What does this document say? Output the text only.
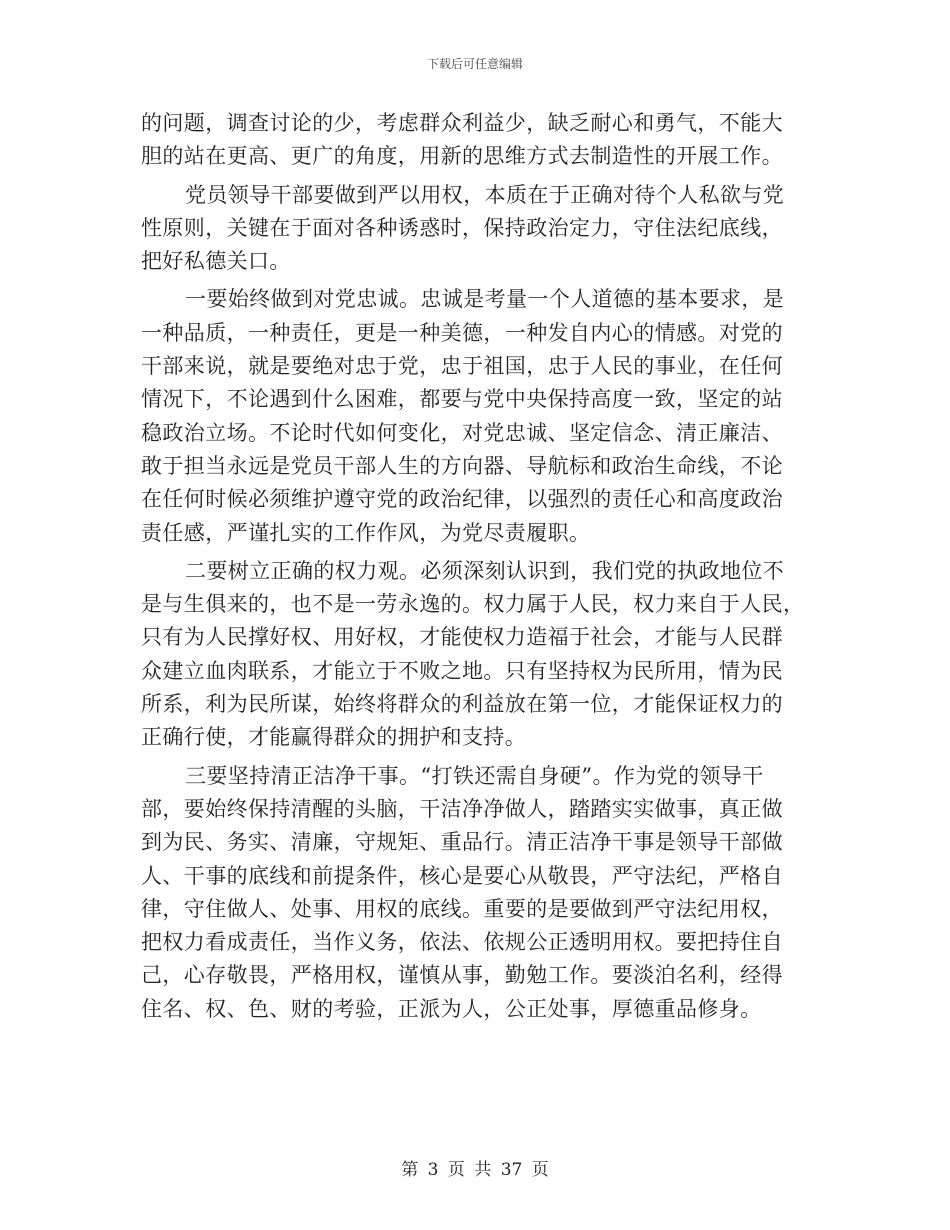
下载后可任意编辑
的问题，调查讨论的少，考虑群众利益少，缺乏耐心和勇气，不能大
胆的站在更高、更广的角度，用新的思维方式去制造性的开展工作。
党员领导干部要做到严以用权，本质在于正确对待个人私欲与党
性原则，关键在于面对各种诱惑时，保持政治定力，守住法纪底线，
把好私德关口。
一要始终做到对党忠诚。忠诚是考量一个人道德的基本要求，是
一种品质，一种责任，更是一种美德，一种发自内心的情感。对党的
干部来说，就是要绝对忠于党，忠于祖国，忠于人民的事业，在任何
情况下，不论遇到什么困难，都要与党中央保持高度一致，坚定的站
稳政治立场。不论时代如何变化，对党忠诚、坚定信念、清正廉洁、
敢于担当永远是党员干部人生的方向器、导航标和政治生命线，不论
在任何时候必须维护遵守党的政治纪律，以强烈的责任心和高度政治
责任感，严谨扎实的工作作风，为党尽责履职。
二要树立正确的权力观。必须深刻认识到，我们党的执政地位不
是与生俱来的，也不是一劳永逸的。权力属于人民，权力来自于人民，
只有为人民撑好权、用好权，才能使权力造福于社会，才能与人民群
众建立血肉联系，才能立于不败之地。只有坚持权为民所用，情为民
所系，利为民所谋，始终将群众的利益放在第一位，才能保证权力的
正确行使，才能赢得群众的拥护和支持。
三要坚持清正洁净干事。“打铁还需自身硬”。作为党的领导干
部，要始终保持清醒的头脑，干洁净净做人，踏踏实实做事，真正做
到为民、务实、清廉，守规矩、重品行。清正洁净干事是领导干部做
人、干事的底线和前提条件，核心是要心从敬畏，严守法纪，严格自
律，守住做人、处事、用权的底线。重要的是要做到严守法纪用权，
把权力看成责任，当作义务，依法、依规公正透明用权。要把持住自
己，心存敬畏，严格用权，谨慎从事，勤勉工作。要淡泊名利，经得
住名、权、色、财的考验，正派为人，公正处事，厚德重品修身。
第 3 页 共 37 页
